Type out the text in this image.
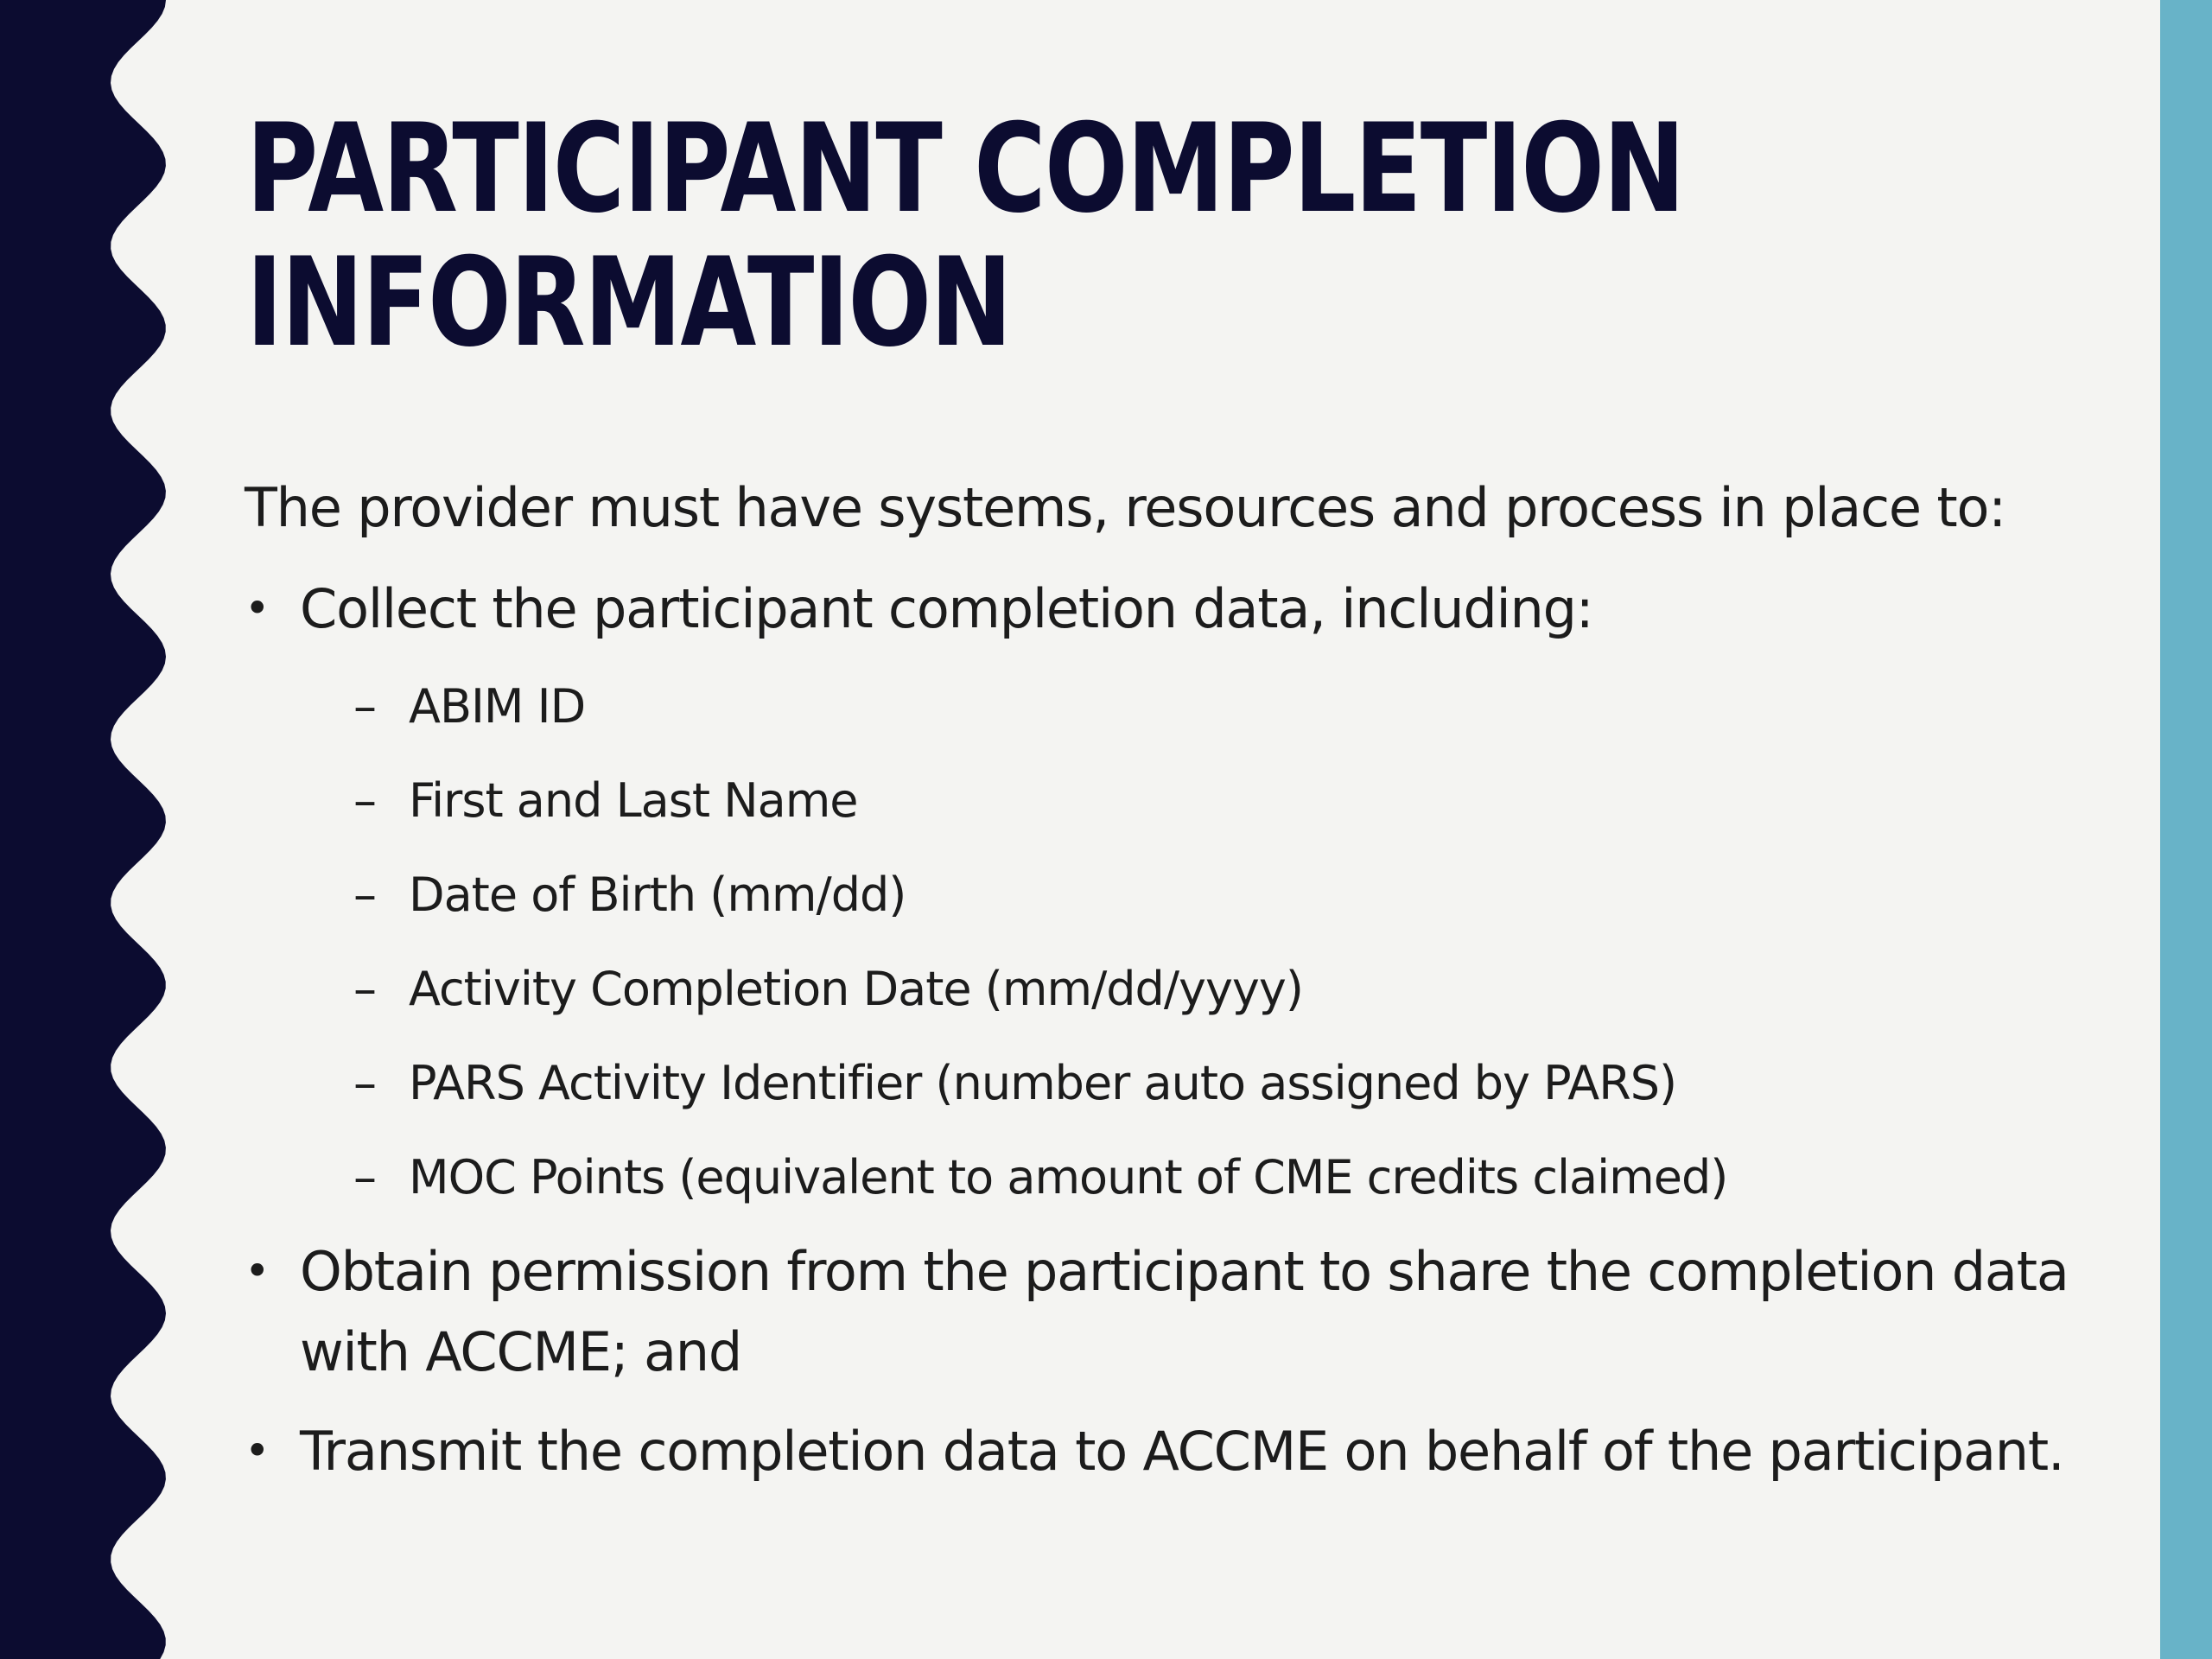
PARTICIPANT COMPLETION
INFORMATION

The provider must have systems, resources and process in place to:

• Collect the participant completion data, including:
– ABIM ID
– First and Last Name
– Date of Birth (mm/dd)
– Activity Completion Date (mm/dd/yyyy)
– PARS Activity Identifier (number auto assigned by PARS)
– MOC Points (equivalent to amount of CME credits claimed)
• Obtain permission from the participant to share the completion data
with ACCME; and
• Transmit the completion data to ACCME on behalf of the participant.
